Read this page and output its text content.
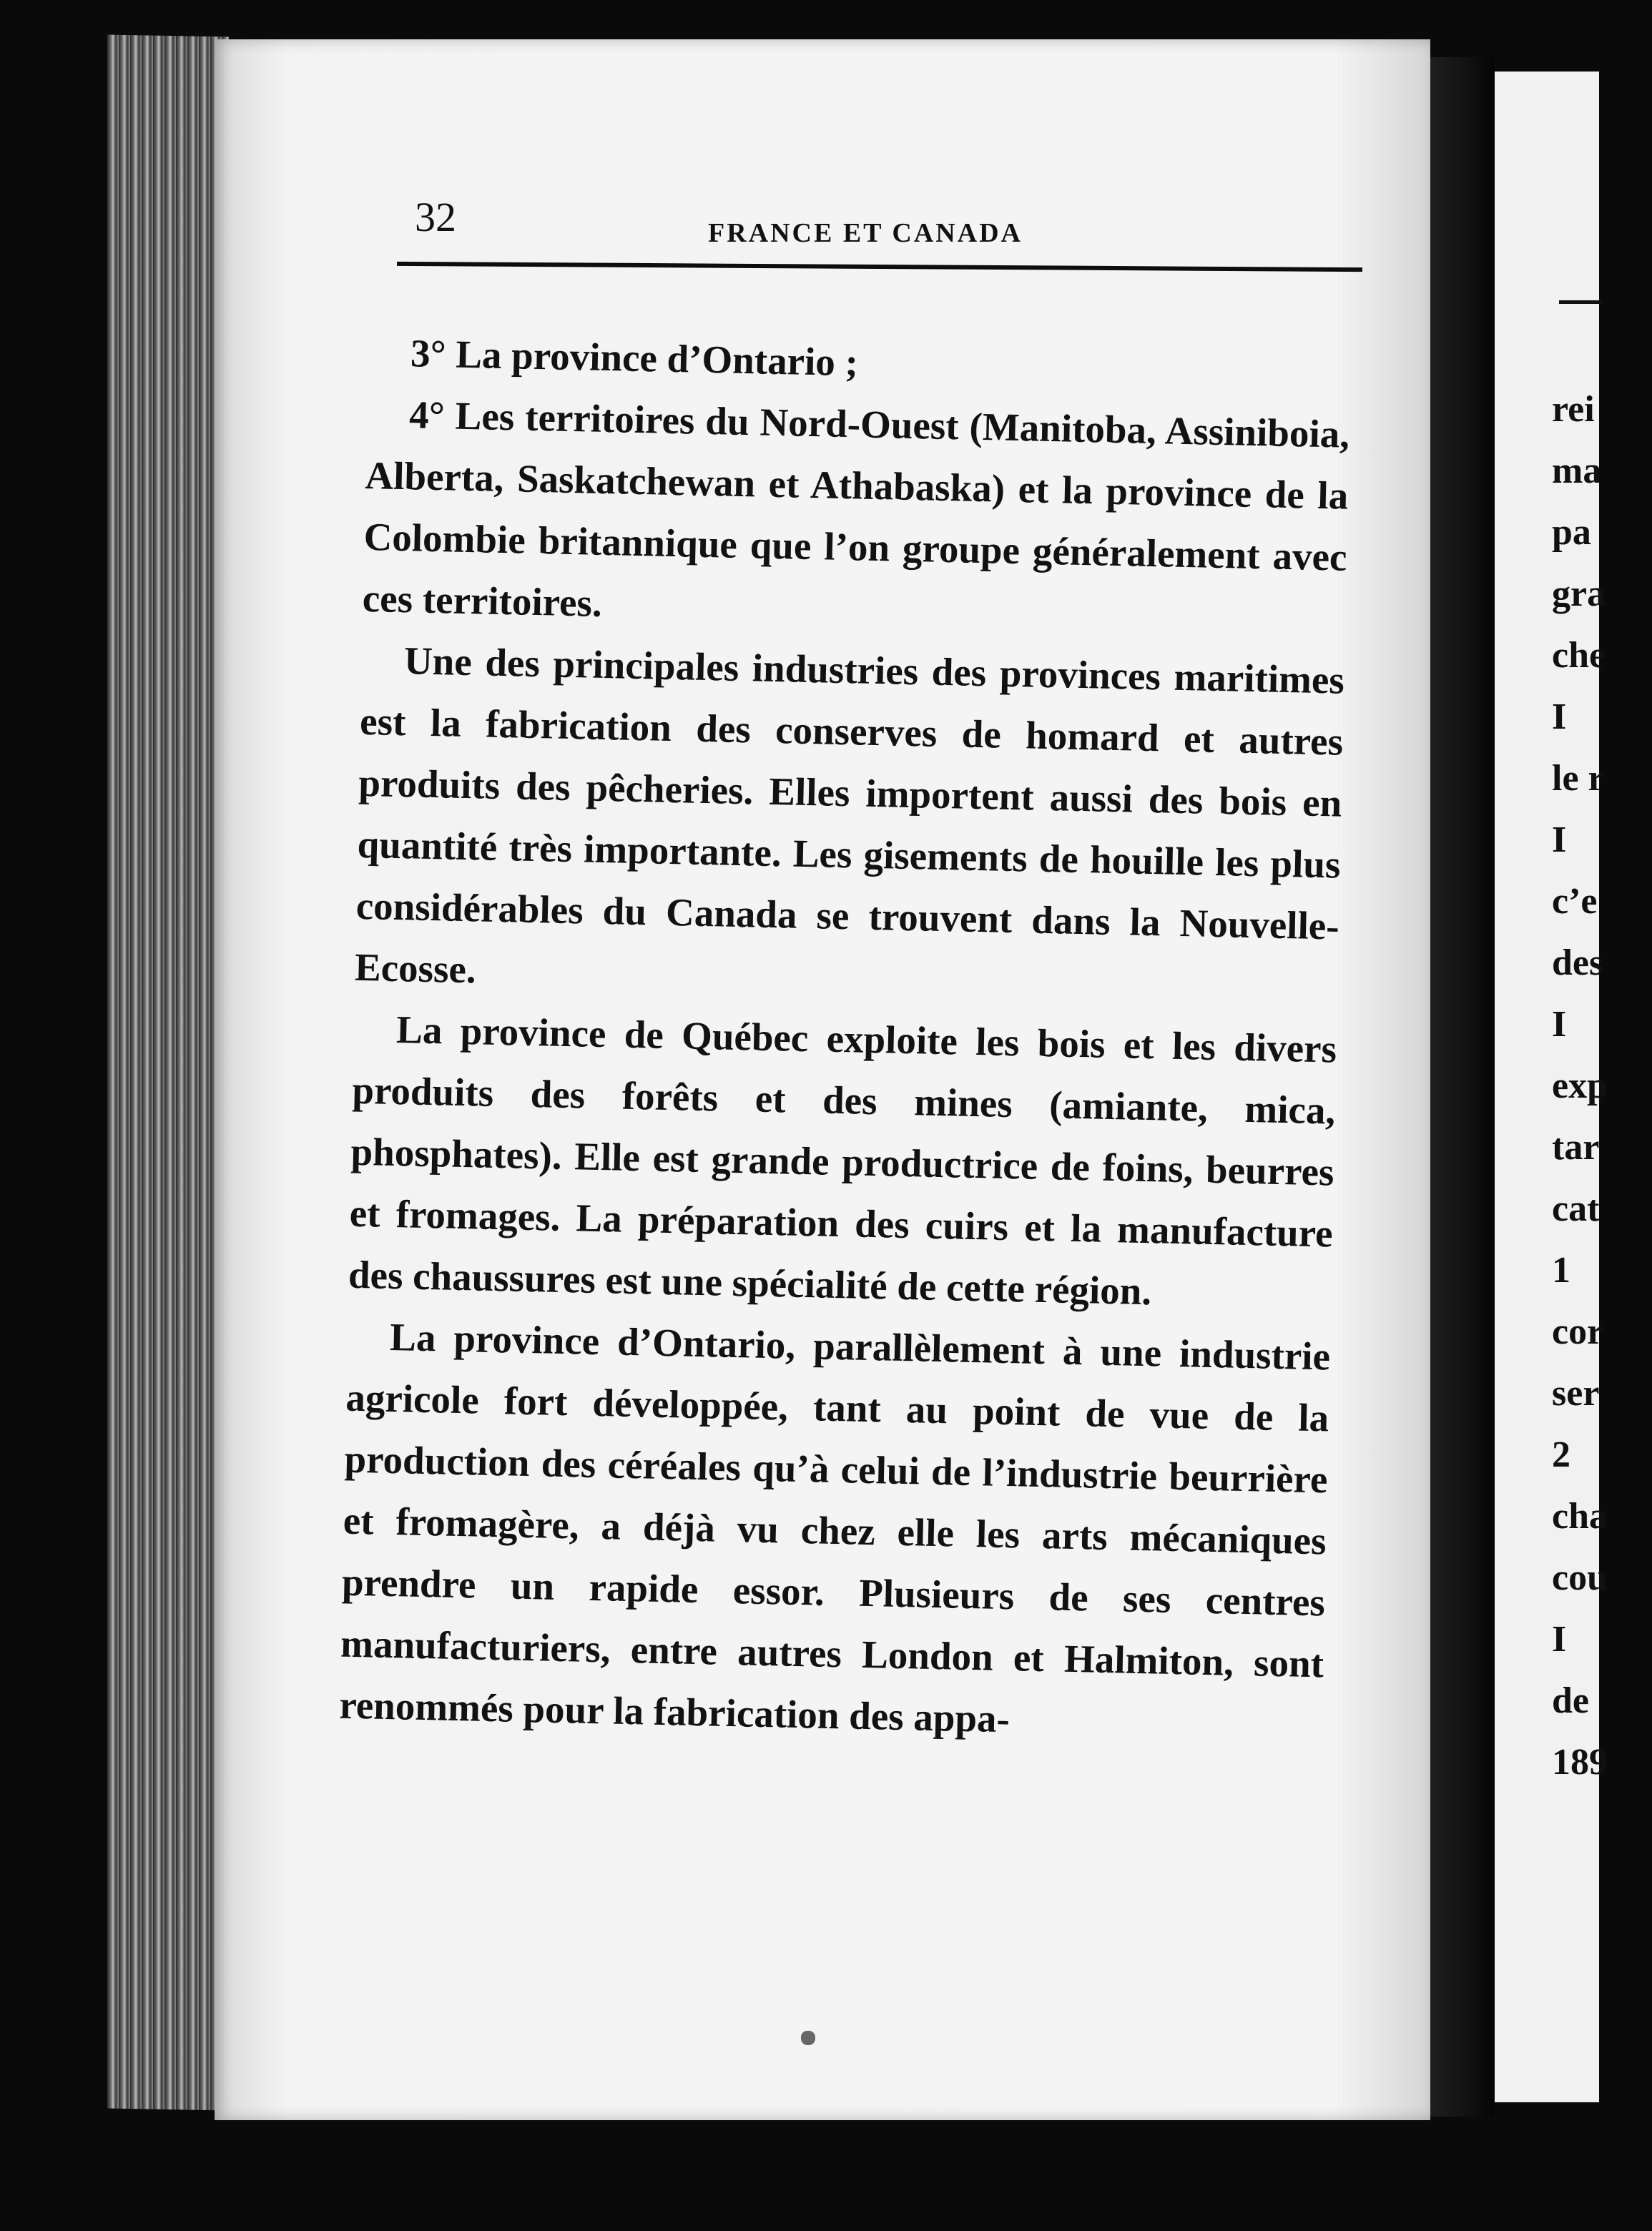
rei
ma
pa
gra
che
I
le r
I
c’e
des
I
exp
tar
cat
1
cor
ser
2
cha
cou
I
de
189
32	FRANCE ET CANADA

3° La province d’Ontario ;

4° Les territoires du Nord-Ouest (Manitoba, Assiniboia, Alberta, Saskatchewan et Athabaska) et la province de la Colombie britannique que l’on groupe généralement avec ces territoires.

Une des principales industries des provinces maritimes est la fabrication des conserves de homard et autres produits des pêcheries. Elles importent aussi des bois en quantité très importante. Les gisements de houille les plus considérables du Canada se trouvent dans la Nouvelle-Ecosse.

La province de Québec exploite les bois et les divers produits des forêts et des mines (amiante, mica, phosphates). Elle est grande productrice de foins, beurres et fromages. La préparation des cuirs et la manufacture des chaussures est une spécialité de cette région.

La province d’Ontario, parallèlement à une industrie agricole fort développée, tant au point de vue de la production des céréales qu’à celui de l’industrie beurrière et fromagère, a déjà vu chez elle les arts mécaniques prendre un rapide essor. Plusieurs de ses centres manufacturiers, entre autres London et Halmiton, sont renommés pour la fabrication des appa-
